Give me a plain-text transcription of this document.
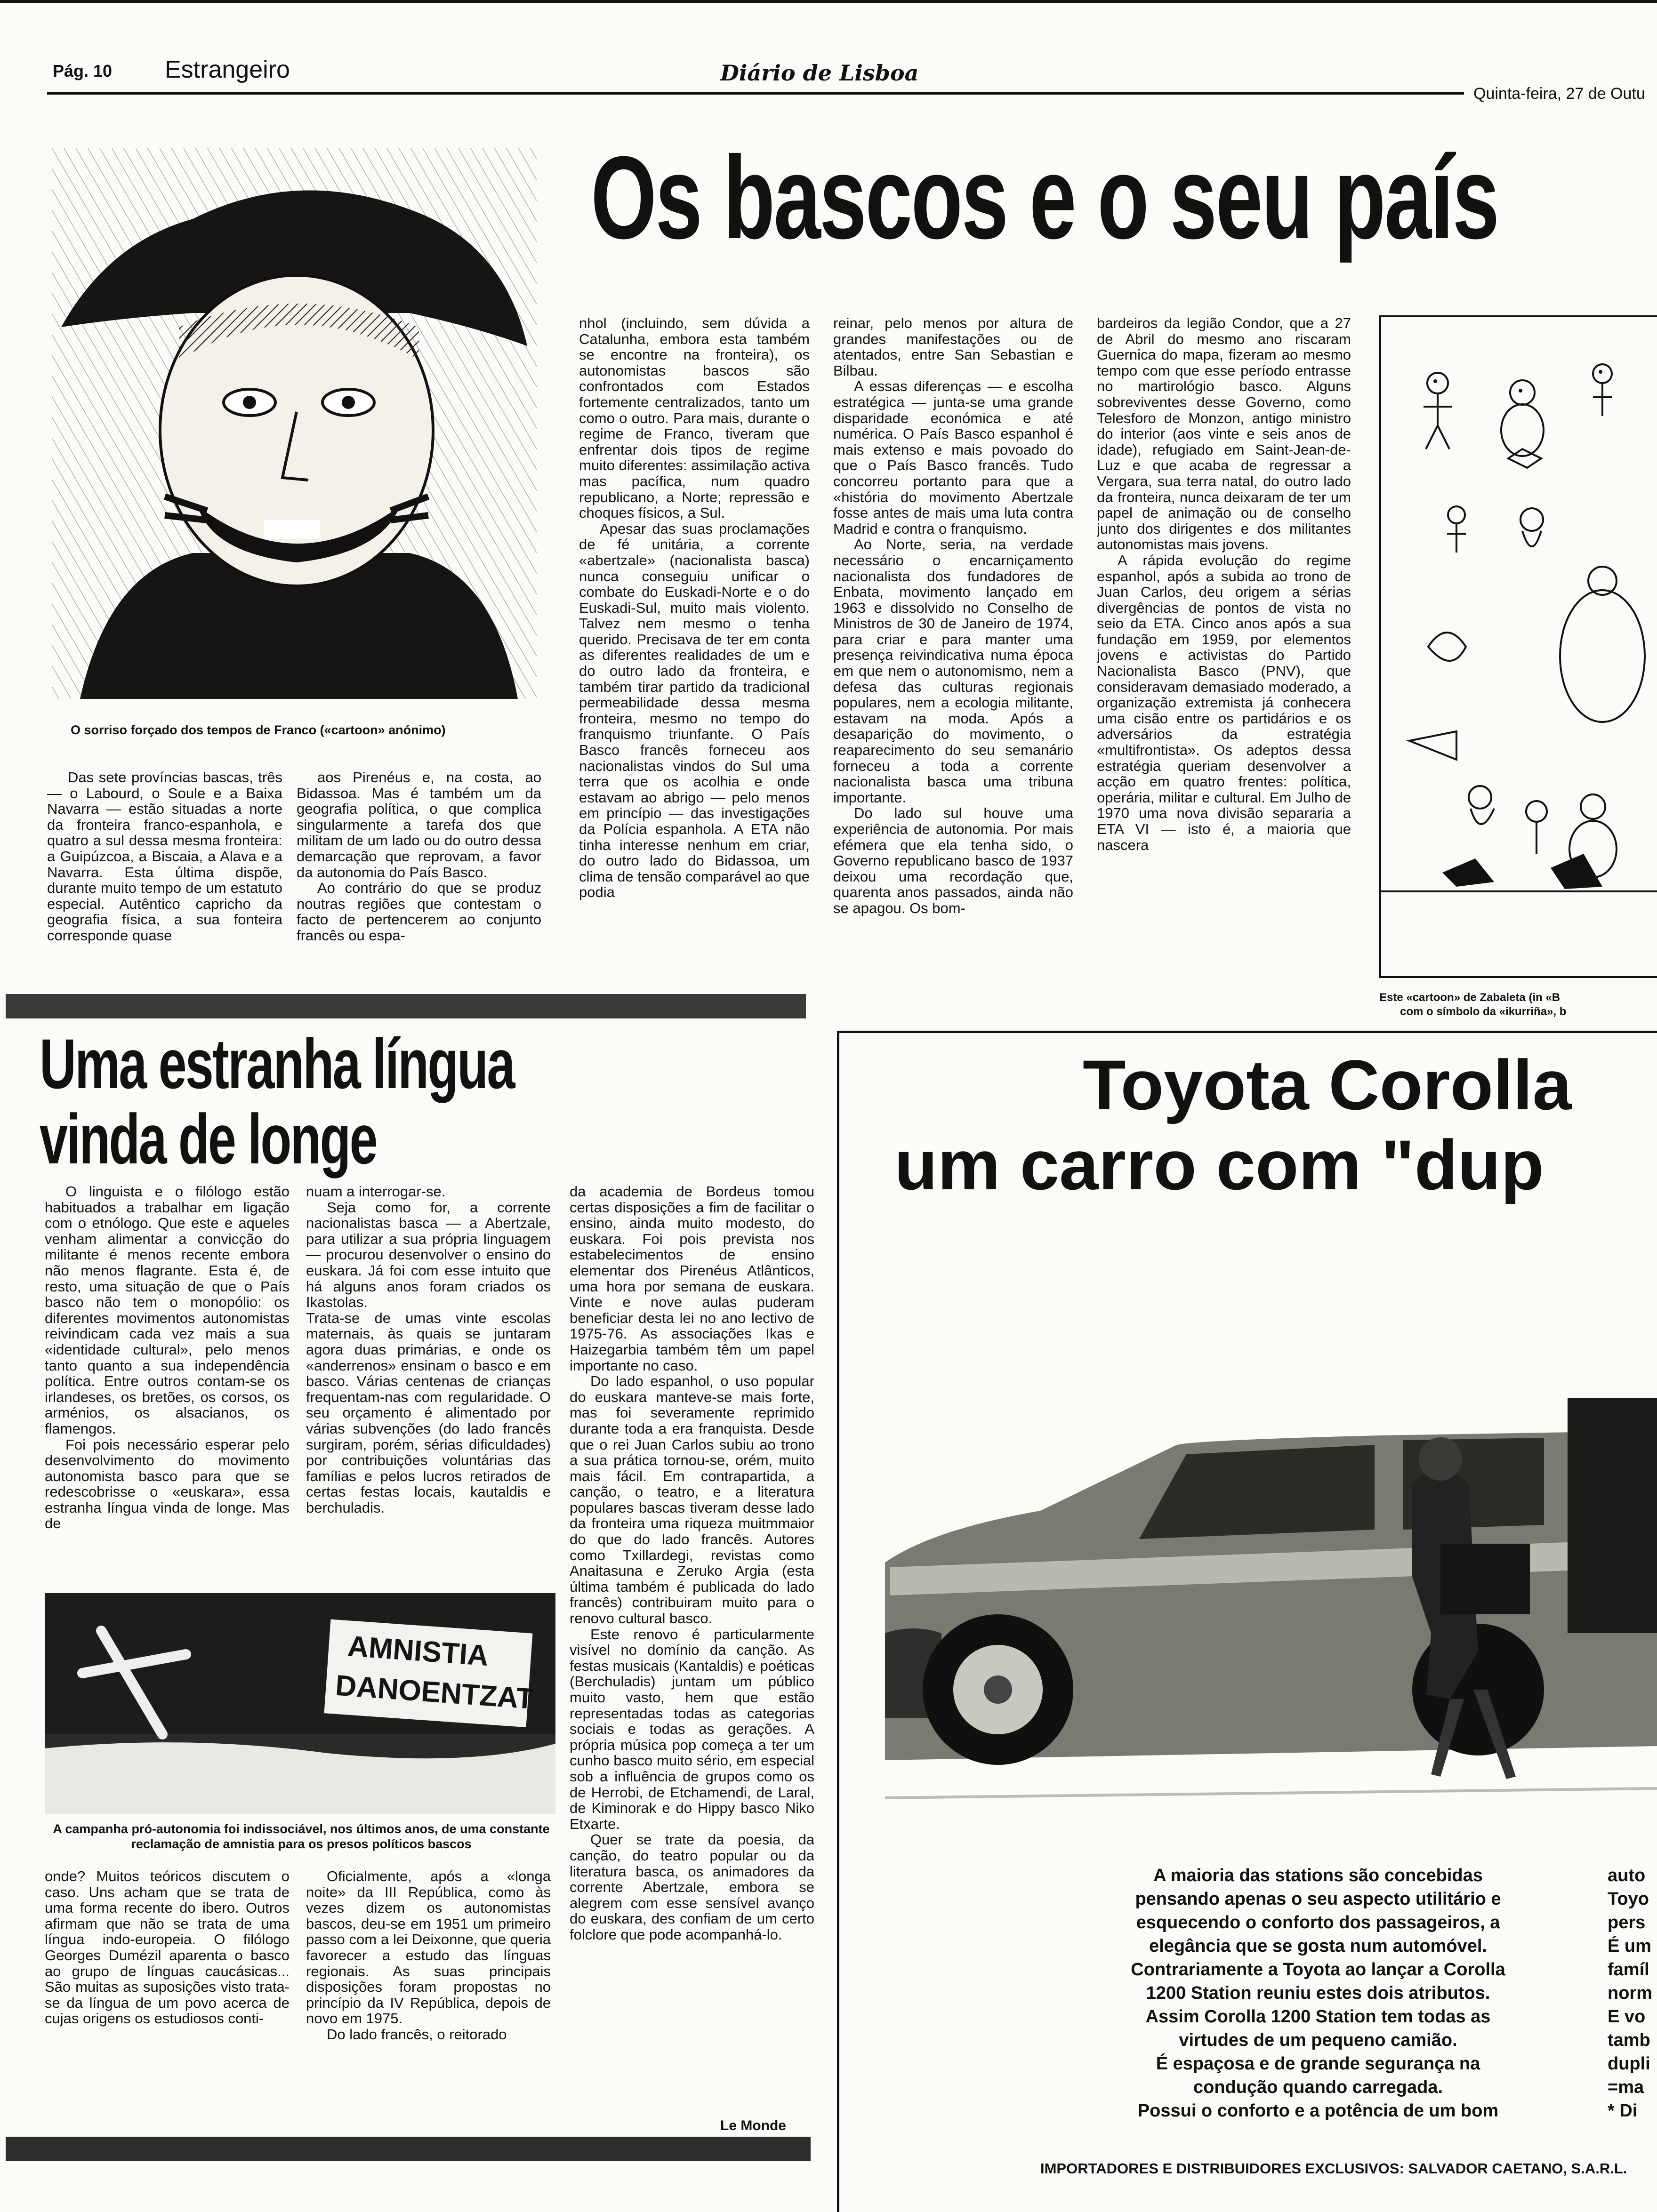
Pág. 10 Estrangeiro	Diário de Lisboa
Quinta-feira, 27 de Outu
O sorriso forçado dos tempos de Franco («cartoon» anónimo)
Os bascos e o seu país

Das sete províncias bascas, três — o Labourd, o Soule e a Baixa Navarra — estão situadas a norte da fronteira franco-espanhola, e quatro a sul dessa mesma fronteira: a Guipúzcoa, a Biscaia, a Alava e a Navarra. Esta última dispõe, durante muito tempo de um estatuto especial. Autêntico capricho da geografia física, a sua fonteira corresponde quase

aos Pirenéus e, na costa, ao Bidassoa. Mas é também um da geografia política, o que complica singularmente a tarefa dos que militam de um lado ou do outro dessa demarcação que reprovam, a favor da autonomia do País Basco.

Ao contrário do que se produz noutras regiões que contestam o facto de pertencerem ao conjunto francês ou espa-

nhol (incluindo, sem dúvida a Catalunha, embora esta também se encontre na fronteira), os autonomistas bascos são confrontados com Estados fortemente centralizados, tanto um como o outro. Para mais, durante o regime de Franco, tiveram que enfrentar dois tipos de regime muito diferentes: assimilação activa mas pacífica, num quadro republicano, a Norte; repressão e choques físicos, a Sul.

Apesar das suas proclamações de fé unitária, a corrente «abertzale» (nacionalista basca) nunca conseguiu unificar o combate do Euskadi-Norte e o do Euskadi-Sul, muito mais violento. Talvez nem mesmo o tenha querido. Precisava de ter em conta as diferentes realidades de um e do outro lado da fronteira, e também tirar partido da tradicional permeabilidade dessa mesma fronteira, mesmo no tempo do franquismo triunfante. O País Basco francês forneceu aos nacionalistas vindos do Sul uma terra que os acolhia e onde estavam ao abrigo — pelo menos em princípio — das investigações da Polícia espanhola. A ETA não tinha interesse nenhum em criar, do outro lado do Bidassoa, um clima de tensão comparável ao que podia

reinar, pelo menos por altura de grandes manifestações ou de atentados, entre San Sebastian e Bilbau.

A essas diferenças — e escolha estratégica — junta-se uma grande disparidade económica e até numérica. O País Basco espanhol é mais extenso e mais povoado do que o País Basco francês. Tudo concorreu portanto para que a «história do movimento Abertzale fosse antes de mais uma luta contra Madrid e contra o franquismo.

Ao Norte, seria, na verdade necessário o encarniçamento nacionalista dos fundadores de Enbata, movimento lançado em 1963 e dissolvido no Conselho de Ministros de 30 de Janeiro de 1974, para criar e para manter uma presença reivindicativa numa época em que nem o autonomismo, nem a defesa das culturas regionais populares, nem a ecologia militante, estavam na moda. Após a desaparição do movimento, o reaparecimento do seu semanário forneceu a toda a corrente nacionalista basca uma tribuna importante.

Do lado sul houve uma experiência de autonomia. Por mais efémera que ela tenha sido, o Governo republicano basco de 1937 deixou uma recordação que, quarenta anos passados, ainda não se apagou. Os bom-

bardeiros da legião Condor, que a 27 de Abril do mesmo ano riscaram Guernica do mapa, fizeram ao mesmo tempo com que esse período entrasse no martirológio basco. Alguns sobreviventes desse Governo, como Telesforo de Monzon, antigo ministro do interior (aos vinte e seis anos de idade), refugiado em Saint-Jean-de-Luz e que acaba de regressar a Vergara, sua terra natal, do outro lado da fronteira, nunca deixaram de ter um papel de animação ou de conselho junto dos dirigentes e dos militantes autonomistas mais jovens.

A rápida evolução do regime espanhol, após a subida ao trono de Juan Carlos, deu origem a sérias divergências de pontos de vista no seio da ETA. Cinco anos após a sua fundação em 1959, por elementos jovens e activistas do Partido Nacionalista Basco (PNV), que consideravam demasiado moderado, a organização extremista já conhecera uma cisão entre os partidários e os adversários da estratégia «multifrontista». Os adeptos dessa estratégia queriam desenvolver a acção em quatro frentes: política, operária, militar e cultural. Em Julho de 1970 uma nova divisão separaria a ETA VI — isto é, a maioria que nascera

Este «cartoon» de Zabaleta (in «B
com o símbolo da «ikurriña», b
Uma estranha língua
vinda de longe

O linguista e o filólogo estão habituados a trabalhar em ligação com o etnólogo. Que este e aqueles venham alimentar a convicção do militante é menos recente embora não menos flagrante. Esta é, de resto, uma situação de que o País basco não tem o monopólio: os diferentes movimentos autonomistas reivindicam cada vez mais a sua «identidade cultural», pelo menos tanto quanto a sua independência política. Entre outros contam-se os irlandeses, os bretões, os corsos, os arménios, os alsacianos, os flamengos.

Foi pois necessário esperar pelo desenvolvimento do movimento autonomista basco para que se redescobrisse o «euskara», essa estranha língua vinda de longe. Mas de

nuam a interrogar-se.

Seja como for, a corrente nacionalistas basca — a Abertzale, para utilizar a sua própria linguagem — procurou desenvolver o ensino do euskara. Já foi com esse intuito que há alguns anos foram criados os Ikastolas.

Trata-se de umas vinte escolas maternais, às quais se juntaram agora duas primárias, e onde os «anderrenos» ensinam o basco e em basco. Várias centenas de crianças frequentam-nas com regularidade. O seu orçamento é alimentado por várias subvenções (do lado francês surgiram, porém, sérias dificuldades) por contribuições voluntárias das famílias e pelos lucros retirados de certas festas locais, kautaldis e berchuladis.

da academia de Bordeus tomou certas disposições a fim de facilitar o ensino, ainda muito modesto, do euskara. Foi pois prevista nos estabelecimentos de ensino elementar dos Pirenéus Atlânticos, uma hora por semana de euskara. Vinte e nove aulas puderam beneficiar desta lei no ano lectivo de 1975-76. As associações Ikas e Haizegarbia também têm um papel importante no caso.

Do lado espanhol, o uso popular do euskara manteve-se mais forte, mas foi severamente reprimido durante toda a era franquista. Desde que o rei Juan Carlos subiu ao trono a sua prática tornou-se, orém, muito mais fácil. Em contrapartida, a canção, o teatro, e a literatura populares bascas tiveram desse lado da fronteira uma riqueza muitmmaior do que do lado francês. Autores como Txillardegi, revistas como Anaitasuna e Zeruko Argia (esta última também é publicada do lado francês) contribuiram muito para o renovo cultural basco.

Este renovo é particularmente visível no domínio da canção. As festas musicais (Kantaldis) e poéticas (Berchuladis) juntam um público muito vasto, hem que estão representadas todas as categorias sociais e todas as gerações. A própria música pop começa a ter um cunho basco muito sério, em especial sob a influência de grupos como os de Herrobi, de Etchamendi, de Laral, de Kiminorak e do Hippy basco Niko Etxarte.

Quer se trate da poesia, da canção, do teatro popular ou da literatura basca, os animadores da corrente Abertzale, embora se alegrem com esse sensível avanço do euskara, des confiam de um certo folclore que pode acompanhá-lo.

Le Monde
AMNISTIA
DANOENTZAT
A campanha pró-autonomia foi indissociável, nos últimos anos, de uma constante reclamação de amnistia para os presos políticos bascos

onde? Muitos teóricos discutem o caso. Uns acham que se trata de uma forma recente do ibero. Outros afirmam que não se trata de uma língua indo-europeia. O filólogo Georges Dumézil aparenta o basco ao grupo de línguas caucásicas... São muitas as suposições visto trata-se da língua de um povo acerca de cujas origens os estudiosos conti-

Oficialmente, após a «longa noite» da III República, como às vezes dizem os autonomistas bascos, deu-se em 1951 um primeiro passo com a lei Deixonne, que queria favorecer a estudo das línguas regionais. As suas principais disposições foram propostas no princípio da IV República, depois de novo em 1975.

Do lado francês, o reitorado

Toyota Corolla
um carro com "dup
A maioria das stations são concebidas
pensando apenas o seu aspecto utilitário e
esquecendo o conforto dos passageiros, a
elegância que se gosta num automóvel.
Contrariamente a Toyota ao lançar a Corolla
1200 Station reuniu estes dois atributos.
Assim Corolla 1200 Station tem todas as
virtudes de um pequeno camião.
É espaçosa e de grande segurança na
condução quando carregada.
Possui o conforto e a potência de um bom
auto
Toyo
pers
É um
famíl
norm
E vo
tamb
dupli
=ma
* Di
IMPORTADORES E DISTRIBUIDORES EXCLUSIVOS: SALVADOR CAETANO, S.A.R.L.
